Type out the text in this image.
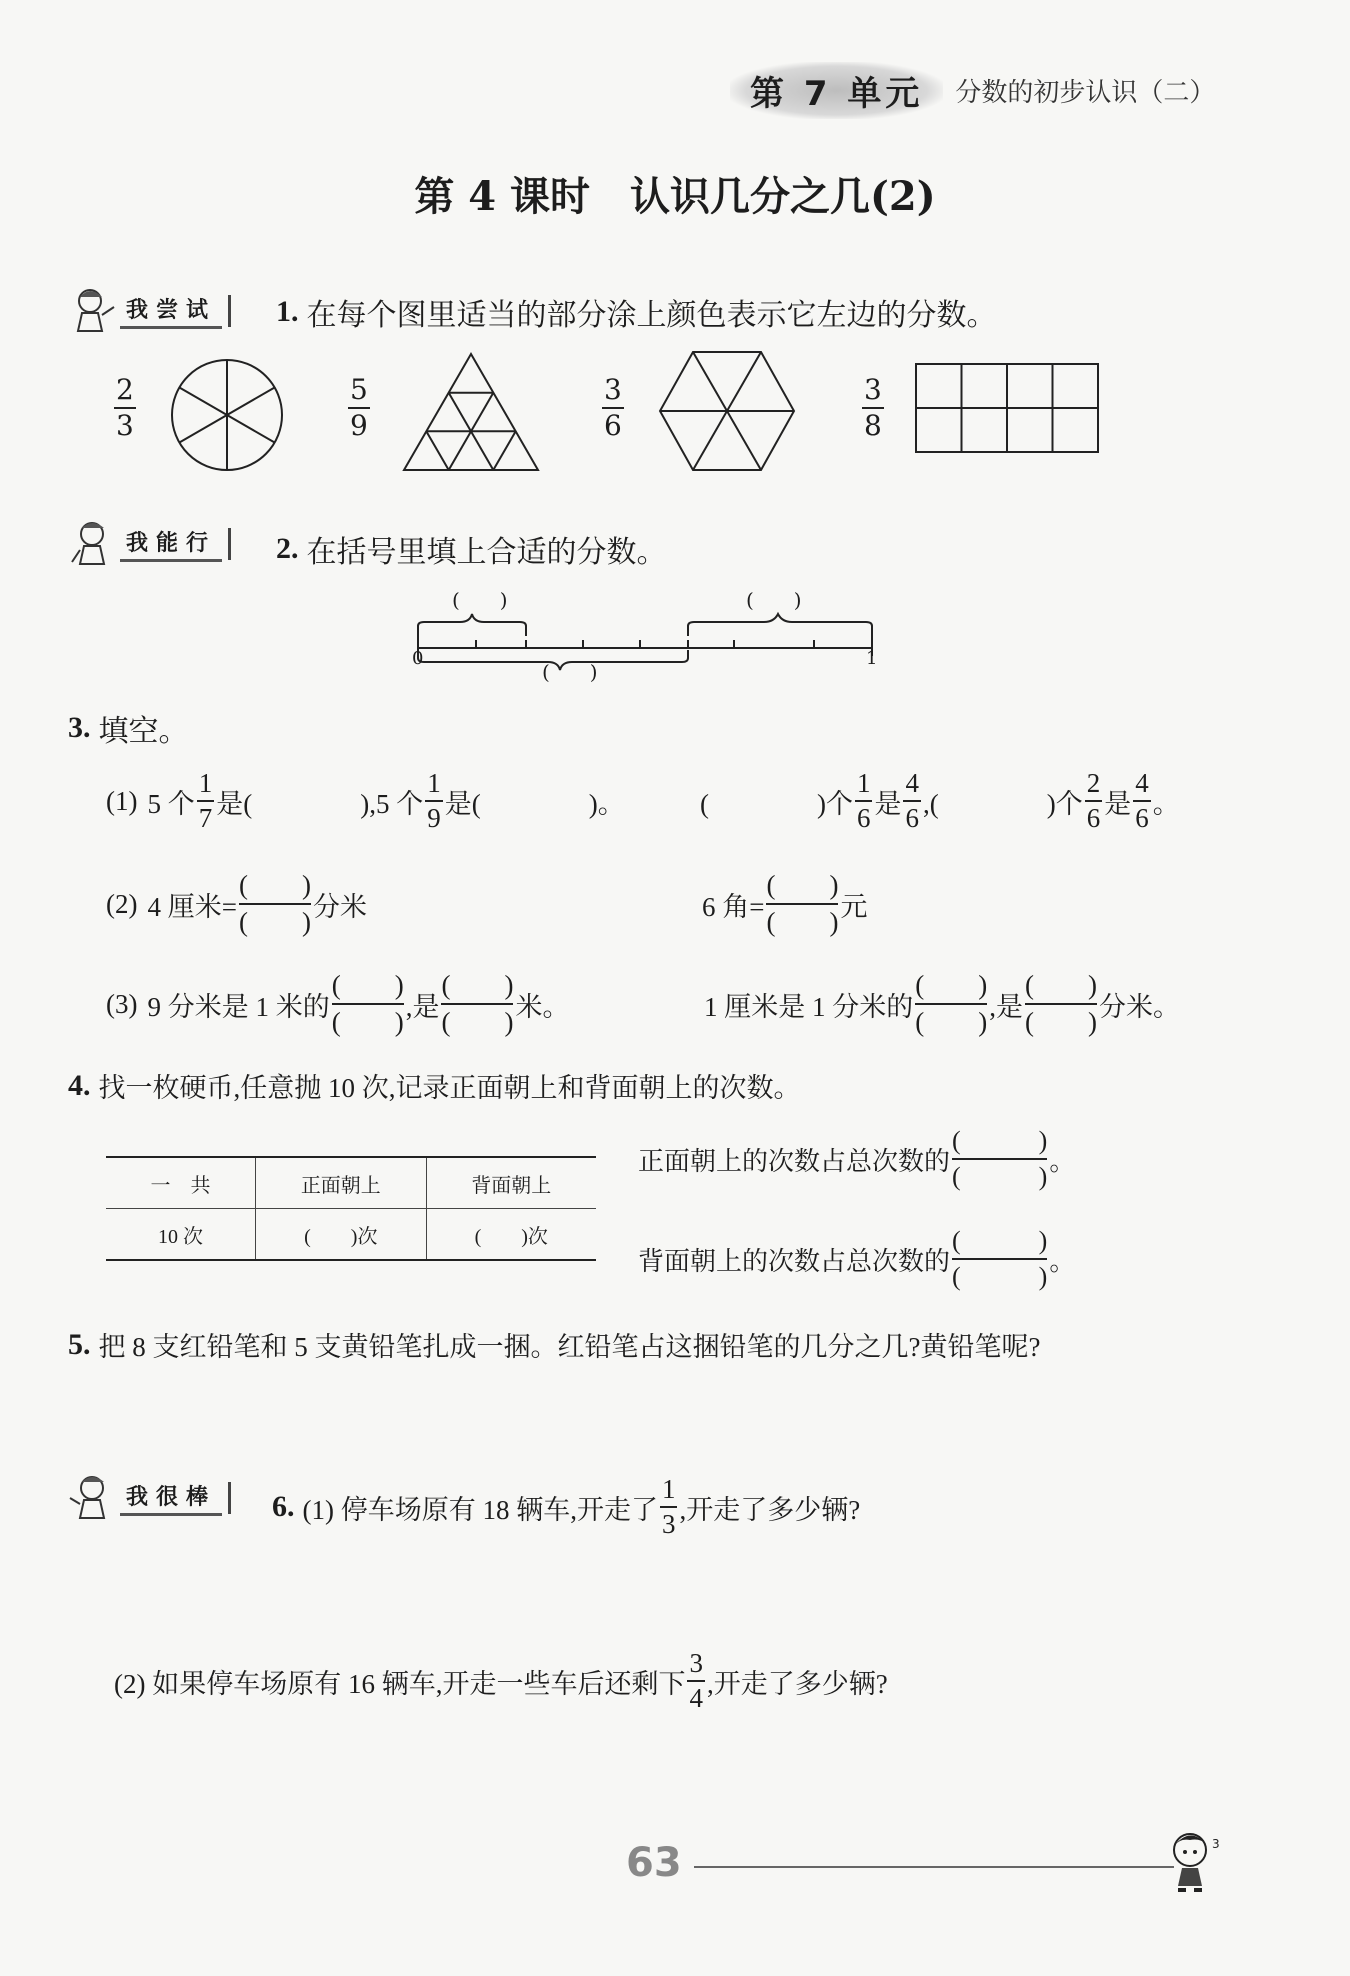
第 7 单元	分数的初步认识（二）
第 4 课时　认识几分之几(2)
我尝试 1. 在每个图里适当的部分涂上颜色表示它左边的分数。
$\frac{2}{3}$	$\frac{5}{9}$	$\frac{3}{6}$	$\frac{3}{8}$
我能行 2. 在括号里填上合适的分数。
(　　)	(　　)
0	1
(　　)
3. 填空。
(1) 5 个 $\frac{1}{7}$ 是(　　　　),5 个 $\frac{1}{9}$ 是(　　　　)。	(　　　　)个 $\frac{1}{6}$ 是 $\frac{4}{6}$ ,(　　　　)个 $\frac{2}{6}$ 是 $\frac{4}{6}$ 。
(2) 4 厘米= $\frac{( )}{( )}$ 分米	6 角= $\frac{( )}{( )}$ 元
(3) 9 分米是 1 米的 $\frac{( )}{( )}$ ,是 $\frac{( )}{( )}$ 米。	1 厘米是 1 分米的 $\frac{( )}{( )}$ ,是 $\frac{( )}{( )}$ 分米。
4. 找一枚硬币,任意抛 10 次,记录正面朝上和背面朝上的次数。
一　共	正面朝上	背面朝上
10 次	(　　)次	(　　)次
正面朝上的次数占总次数的 $\frac{( )}{( )}$ 。
背面朝上的次数占总次数的 $\frac{( )}{( )}$ 。
5. 把 8 支红铅笔和 5 支黄铅笔扎成一捆。红铅笔占这捆铅笔的几分之几?黄铅笔呢?
我很棒 6. (1) 停车场原有 18 辆车,开走了 $\frac{1}{3}$ ,开走了多少辆?
(2) 如果停车场原有 16 辆车,开走一些车后还剩下 $\frac{3}{4}$ ,开走了多少辆?
63	3
